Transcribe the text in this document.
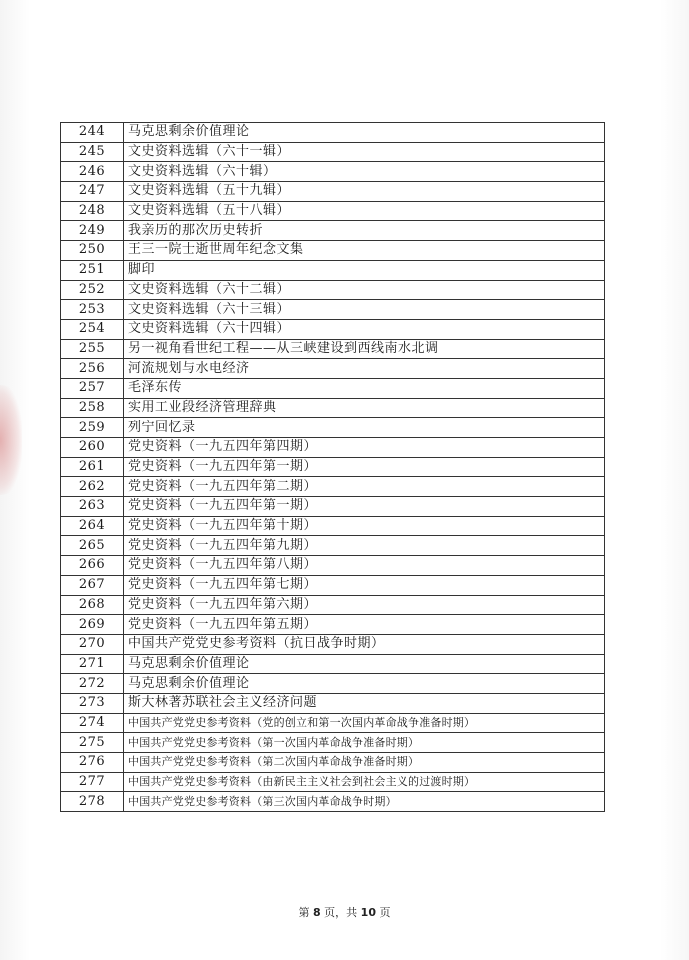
244	马克思剩余价值理论
245	文史资料选辑（六十一辑）
246	文史资料选辑（六十辑）
247	文史资料选辑（五十九辑）
248	文史资料选辑（五十八辑）
249	我亲历的那次历史转折
250	王三一院士逝世周年纪念文集
251	脚印
252	文史资料选辑（六十二辑）
253	文史资料选辑（六十三辑）
254	文史资料选辑（六十四辑）
255	另一视角看世纪工程——从三峡建设到西线南水北调
256	河流规划与水电经济
257	毛泽东传
258	实用工业段经济管理辞典
259	列宁回忆录
260	党史资料（一九五四年第四期）
261	党史资料（一九五四年第一期）
262	党史资料（一九五四年第二期）
263	党史资料（一九五四年第一期）
264	党史资料（一九五四年第十期）
265	党史资料（一九五四年第九期）
266	党史资料（一九五四年第八期）
267	党史资料（一九五四年第七期）
268	党史资料（一九五四年第六期）
269	党史资料（一九五四年第五期）
270	中国共产党党史参考资料（抗日战争时期）
271	马克思剩余价值理论
272	马克思剩余价值理论
273	斯大林著苏联社会主义经济问题
274	中国共产党党史参考资料（党的创立和第一次国内革命战争准备时期）
275	中国共产党党史参考资料（第一次国内革命战争准备时期）
276	中国共产党党史参考资料（第二次国内革命战争准备时期）
277	中国共产党党史参考资料（由新民主主义社会到社会主义的过渡时期）
278	中国共产党党史参考资料（第三次国内革命战争时期）
第 8 页，共 10 页
